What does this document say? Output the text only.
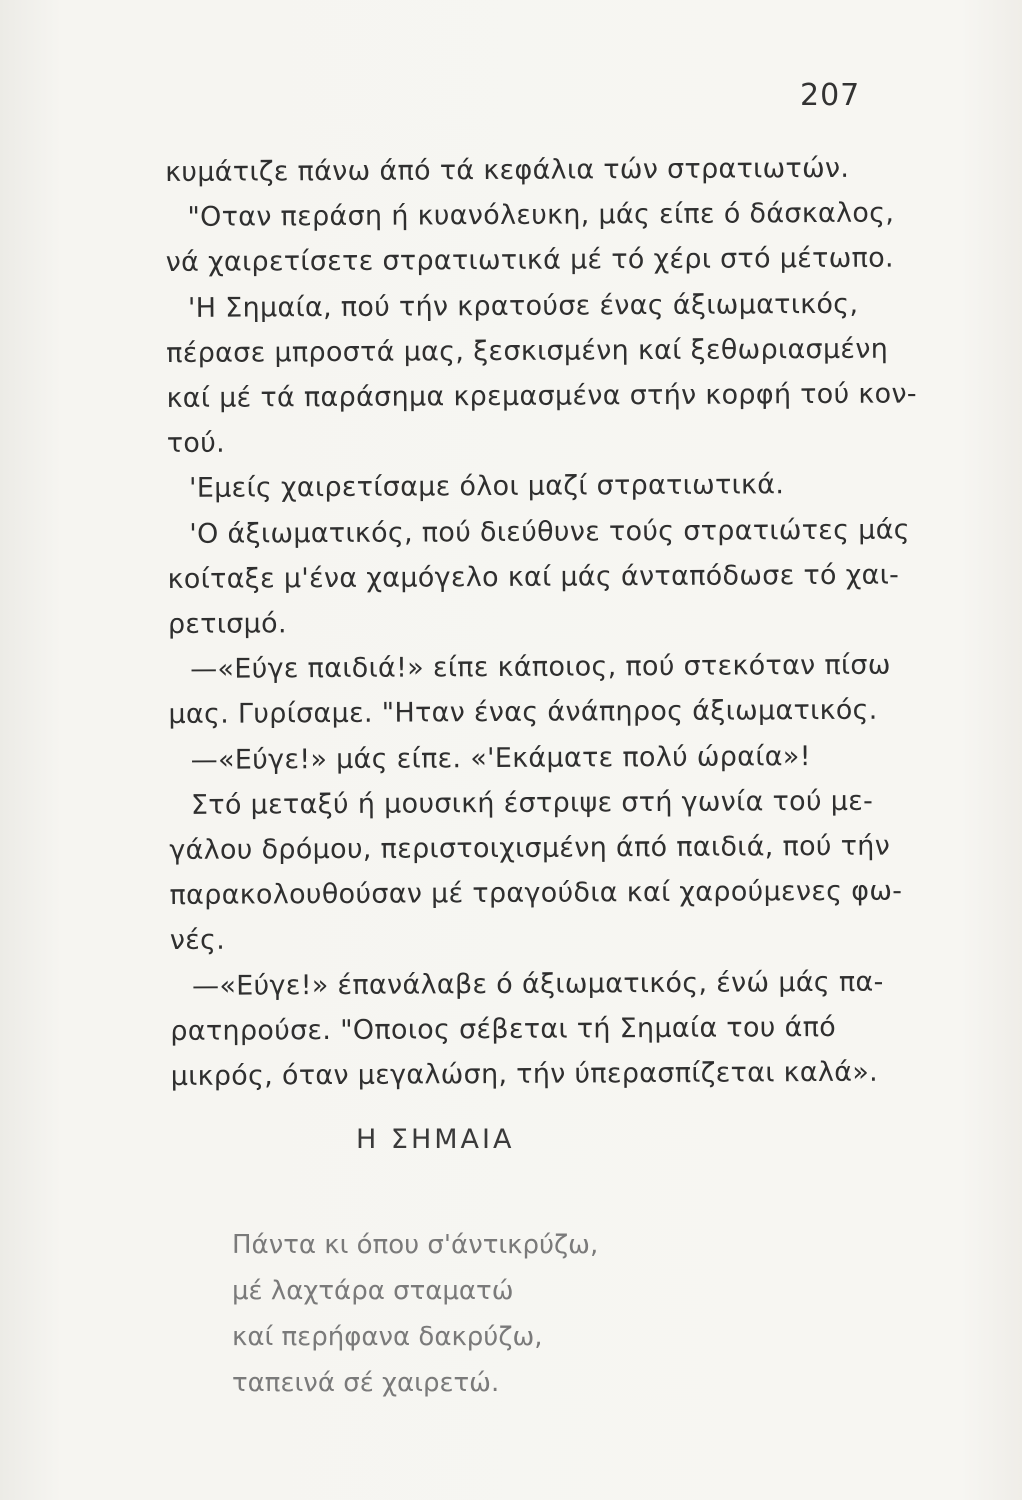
207
κυμάτιζε πάνω άπό τά κεφάλια τών στρατιωτών.
"Οταν περάση ή κυανόλευκη, μάς είπε ό δάσκαλος,
νά χαιρετίσετε στρατιωτικά μέ τό χέρι στό μέτωπο.
'Η Σημαία, πού τήν κρατούσε ένας άξιωματικός,
πέρασε μπροστά μας, ξεσκισμένη καί ξεθωριασμένη
καί μέ τά παράσημα κρεμασμένα στήν κορφή τού κον-
τού.
'Εμείς χαιρετίσαμε όλοι μαζί στρατιωτικά.
'Ο άξιωματικός, πού διεύθυνε τούς στρατιώτες μάς
κοίταξε μ'ένα χαμόγελο καί μάς άνταπόδωσε τό χαι-
ρετισμό.
—«Εύγε παιδιά!» είπε κάποιος, πού στεκόταν πίσω
μας. Γυρίσαμε. "Ηταν ένας άνάπηρος άξιωματικός.
—«Εύγε!» μάς είπε. «'Εκάματε πολύ ώραία»!
Στό μεταξύ ή μουσική έστριψε στή γωνία τού με-
γάλου δρόμου, περιστοιχισμένη άπό παιδιά, πού τήν
παρακολουθούσαν μέ τραγούδια καί χαρούμενες φω-
νές.
—«Εύγε!» έπανάλαβε ό άξιωματικός, ένώ μάς πα-
ρατηρούσε. "Οποιος σέβεται τή Σημαία του άπό
μικρός, όταν μεγαλώση, τήν ύπερασπίζεται καλά».
Η ΣΗΜΑΙΑ
Πάντα κι όπου σ'άντικρύζω,
μέ λαχτάρα σταματώ
καί περήφανα δακρύζω,
ταπεινά σέ χαιρετώ.
